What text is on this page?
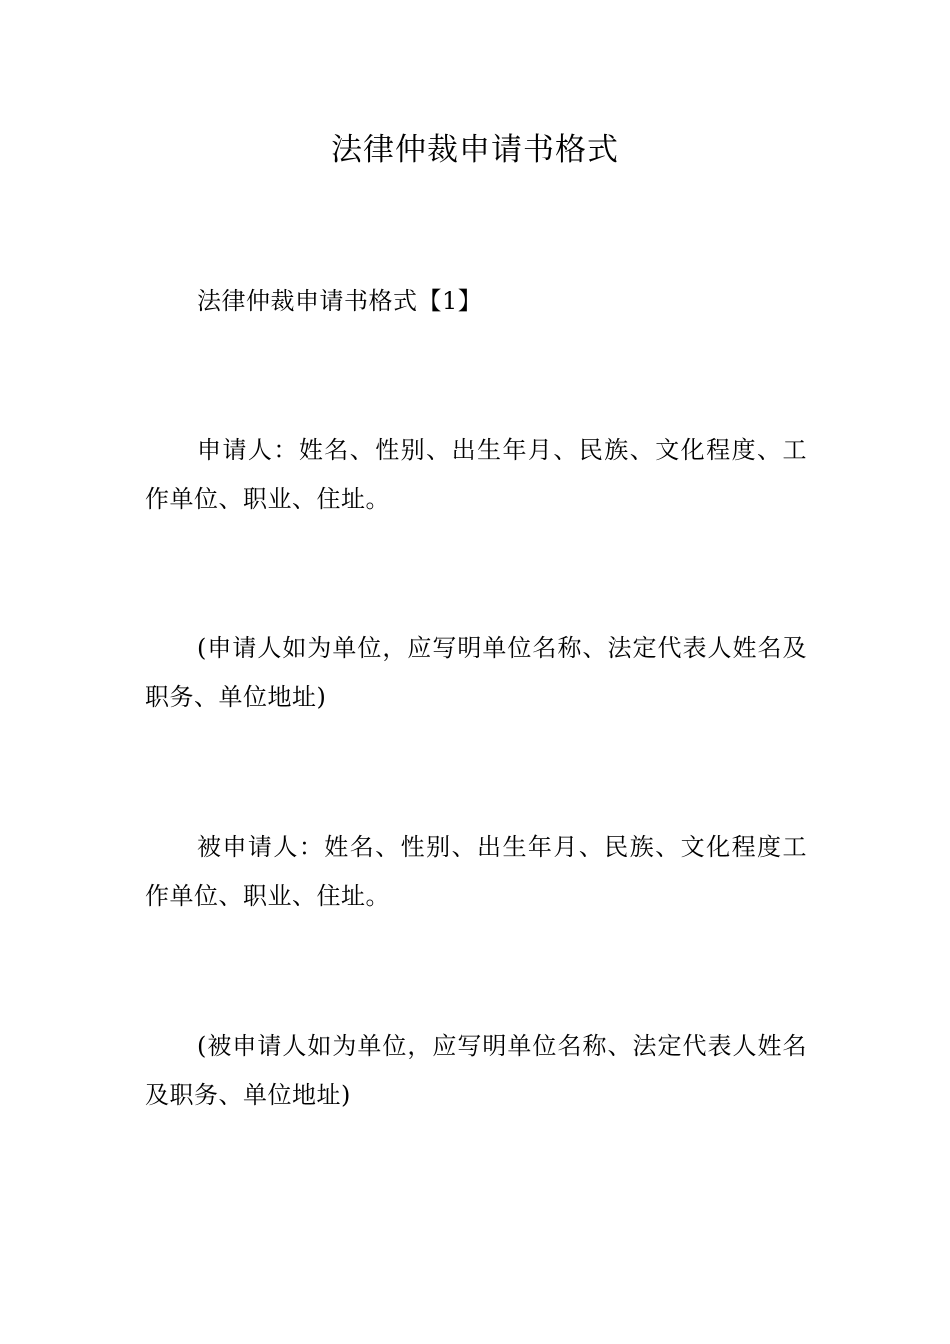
法律仲裁申请书格式

法律仲裁申请书格式【1】

申请人：姓名、性别、出生年月、民族、文化程度、工作单位、职业、住址。

(申请人如为单位，应写明单位名称、法定代表人姓名及职务、单位地址)

被申请人：姓名、性别、出生年月、民族、文化程度工作单位、职业、住址。

(被申请人如为单位，应写明单位名称、法定代表人姓名及职务、单位地址)
